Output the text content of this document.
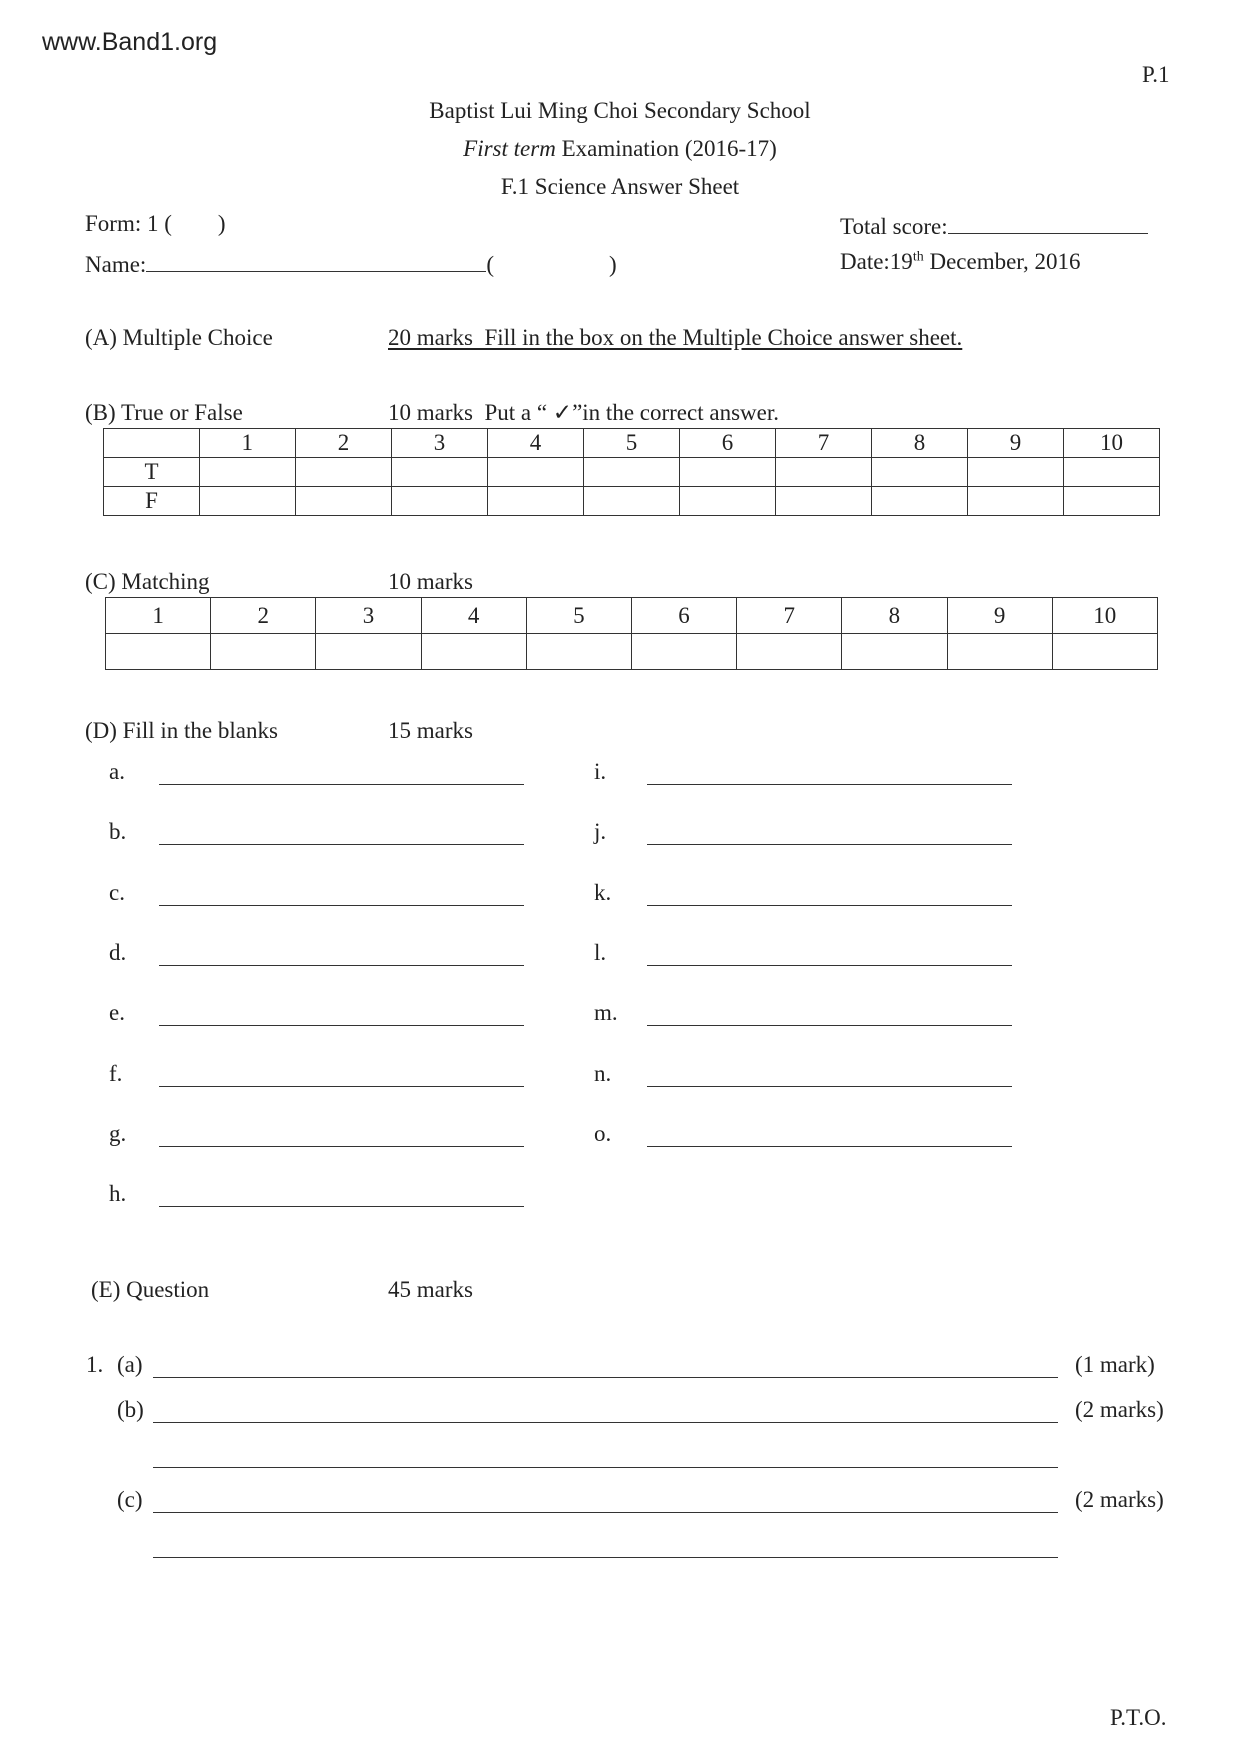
www.Band1.org
P.1
Baptist Lui Ming Choi Secondary School
First term Examination (2016-17)
F.1 Science Answer Sheet
Form: 1 (        )	Total score:
Name:	(	)	Date:19th December, 2016
(A) Multiple Choice	20 marks  Fill in the box on the Multiple Choice answer sheet.
(B) True or False	10 marks  Put a “ ✓”in the correct answer.
	1	2	3	4	5	6	7	8	9	10
T										
F										
(C) Matching	10 marks
1	2	3	4	5	6	7	8	9	10

(D) Fill in the blanks	15 marks
a.
b.
c.
d.
e.
f.
g.
h.
i.
j.
k.
l.
m.
n.
o.
(E) Question	45 marks
1. (a)	(1 mark)
(b)	(2 marks)
(c)	(2 marks)
P.T.O.
